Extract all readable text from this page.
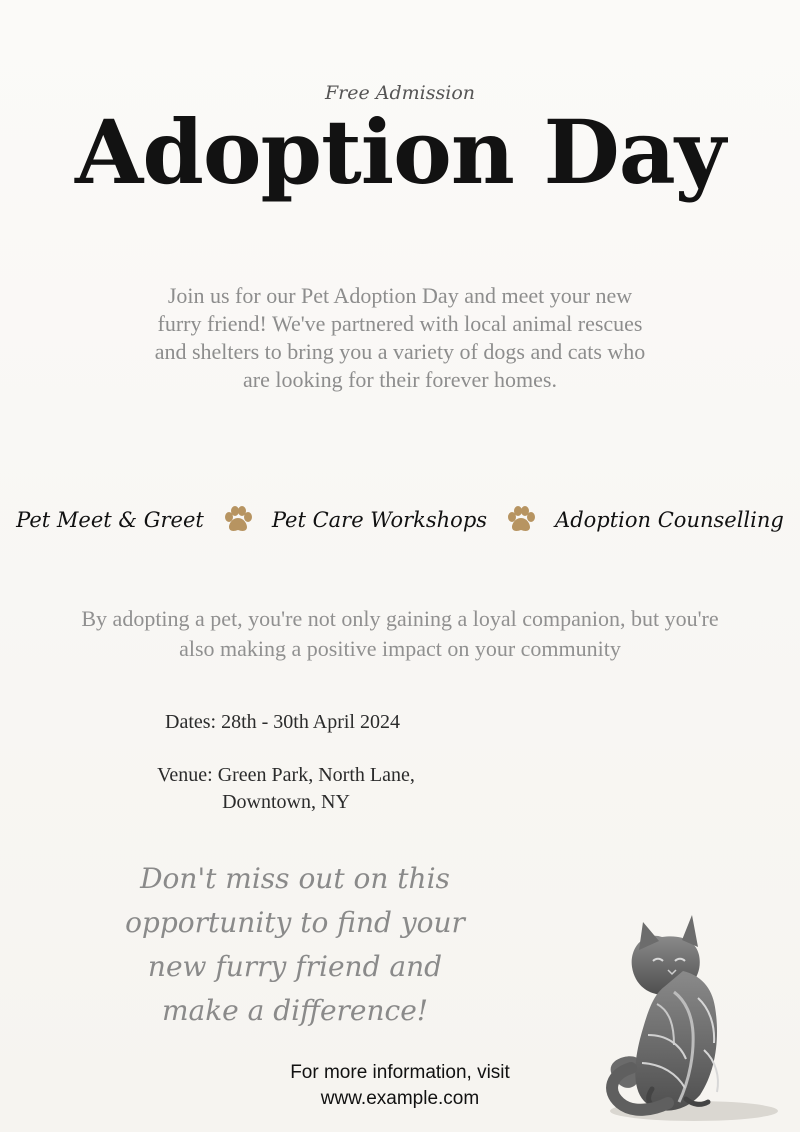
Free Admission
Adoption Day
Join us for our Pet Adoption Day and meet your new furry friend! We've partnered with local animal rescues and shelters to bring you a variety of dogs and cats who are looking for their forever homes.
Pet Meet & Greet	Pet Care Workshops	Adoption Counselling
By adopting a pet, you're not only gaining a loyal companion, but you're also making a positive impact on your community
Dates: 28th - 30th April 2024
Venue: Green Park, North Lane, Downtown, NY
Don't miss out on this opportunity to find your new furry friend and make a difference!
For more information, visit www.example.com
